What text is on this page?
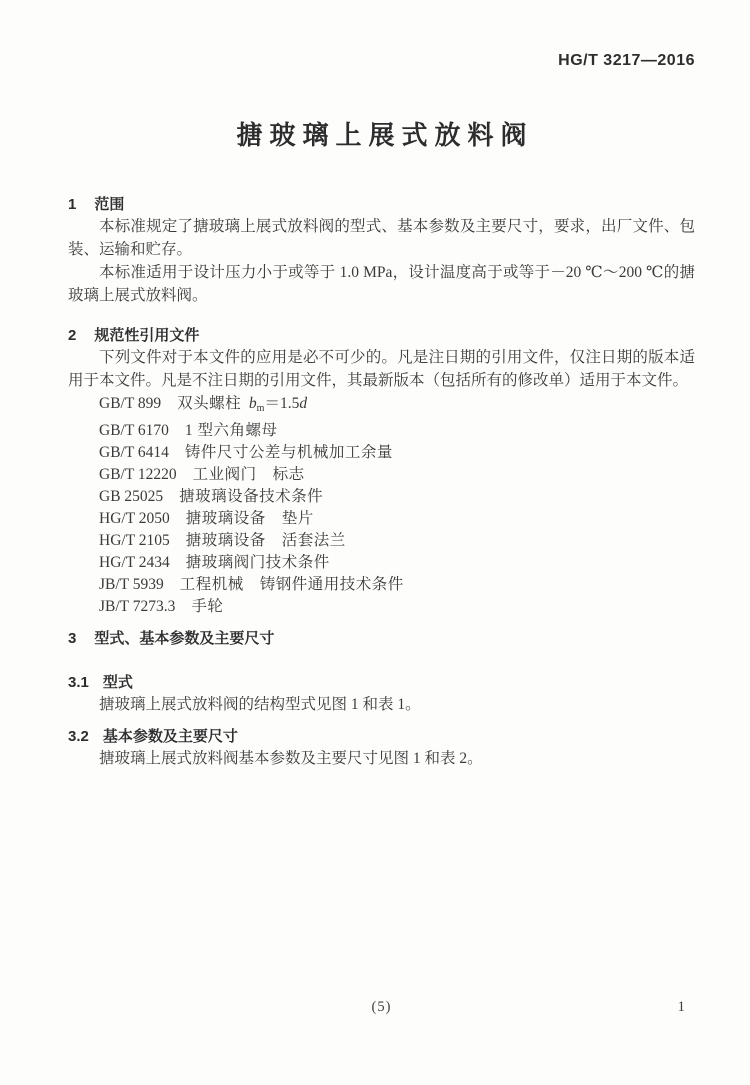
HG/T 3217—2016
搪玻璃上展式放料阀
1 范围

本标准规定了搪玻璃上展式放料阀的型式、基本参数及主要尺寸，要求，出厂文件、包装、运输和贮存。

本标准适用于设计压力小于或等于 1.0 MPa，设计温度高于或等于－20 ℃～200 ℃的搪玻璃上展式放料阀。

2 规范性引用文件

下列文件对于本文件的应用是必不可少的。凡是注日期的引用文件，仅注日期的版本适用于本文件。凡是不注日期的引用文件，其最新版本（包括所有的修改单）适用于本文件。

GB/T 899 双头螺柱 $b_m=1.5d$
GB/T 6170 1 型六角螺母
GB/T 6414 铸件尺寸公差与机械加工余量
GB/T 12220 工业阀门　标志
GB 25025 搪玻璃设备技术条件
HG/T 2050 搪玻璃设备　垫片
HG/T 2105 搪玻璃设备　活套法兰
HG/T 2434 搪玻璃阀门技术条件
JB/T 5939 工程机械　铸钢件通用技术条件
JB/T 7273.3 手轮
3 型式、基本参数及主要尺寸
3.1 型式

搪玻璃上展式放料阀的结构型式见图 1 和表 1。

3.2 基本参数及主要尺寸

搪玻璃上展式放料阀基本参数及主要尺寸见图 1 和表 2。

(5)	1
